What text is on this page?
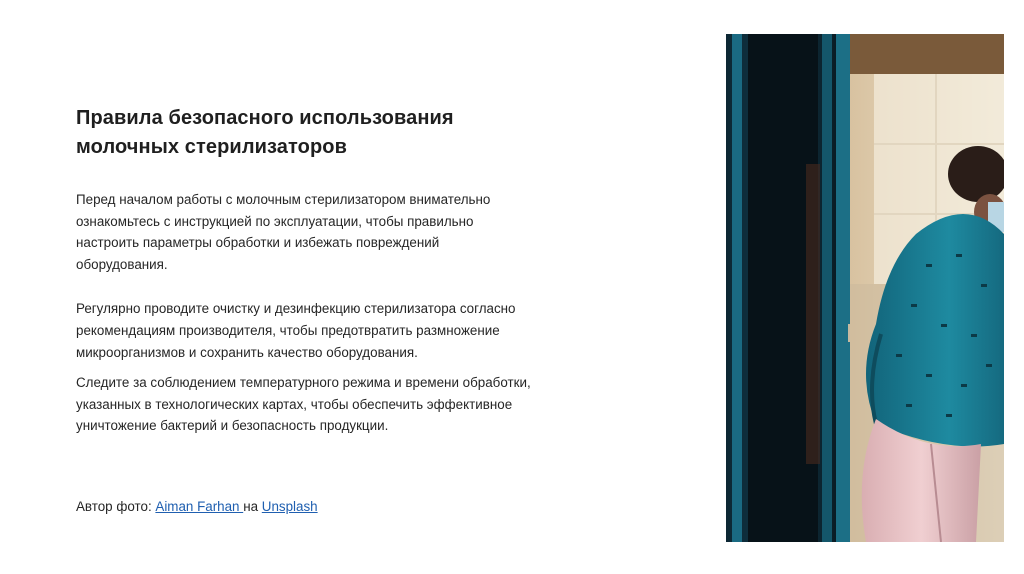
Правила безопасного использования
молочных стерилизаторов

Перед началом работы с молочным стерилизатором внимательно
ознакомьтесь с инструкцией по эксплуатации, чтобы правильно
настроить параметры обработки и избежать повреждений
оборудования.

Регулярно проводите очистку и дезинфекцию стерилизатора согласно
рекомендациям производителя, чтобы предотвратить размножение
микроорганизмов и сохранить качество оборудования.

Следите за соблюдением температурного режима и времени обработки,
указанных в технологических картах, чтобы обеспечить эффективное
уничтожение бактерий и безопасность продукции.

Автор фото: Aiman Farhan на Unsplash
